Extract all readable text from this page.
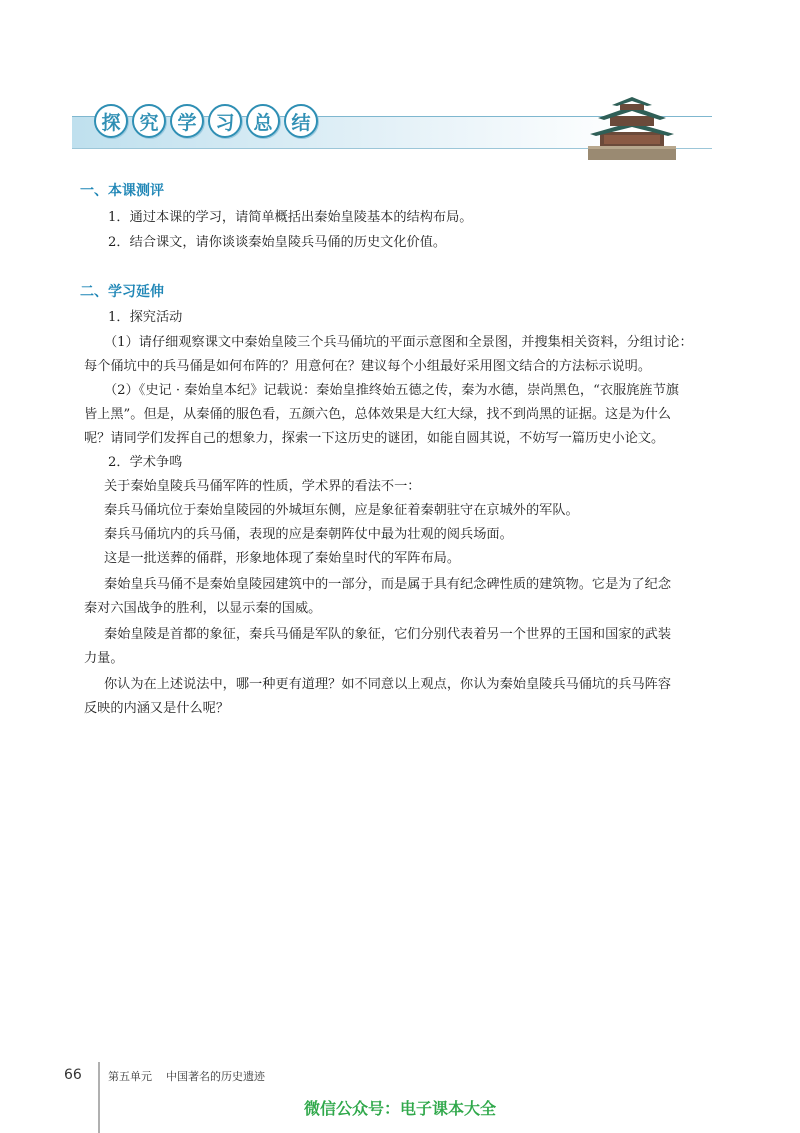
探 究 学 习 总 结
一、本课测评
1．通过本课的学习，请简单概括出秦始皇陵基本的结构布局。
2．结合课文，请你谈谈秦始皇陵兵马俑的历史文化价值。
二、学习延伸
1．探究活动
（1）请仔细观察课文中秦始皇陵三个兵马俑坑的平面示意图和全景图，并搜集相关资料，分组讨论：
每个俑坑中的兵马俑是如何布阵的？用意何在？建议每个小组最好采用图文结合的方法标示说明。
（2）《史记 · 秦始皇本纪》记载说：秦始皇推终始五德之传，秦为水德，崇尚黑色，“衣服旄旌节旗
皆上黑”。但是，从秦俑的服色看，五颜六色，总体效果是大红大绿，找不到尚黑的证据。这是为什么
呢？请同学们发挥自己的想象力，探索一下这历史的谜团，如能自圆其说，不妨写一篇历史小论文。
2．学术争鸣
关于秦始皇陵兵马俑军阵的性质，学术界的看法不一：
秦兵马俑坑位于秦始皇陵园的外城垣东侧，应是象征着秦朝驻守在京城外的军队。
秦兵马俑坑内的兵马俑，表现的应是秦朝阵仗中最为壮观的阅兵场面。
这是一批送葬的俑群，形象地体现了秦始皇时代的军阵布局。
秦始皇兵马俑不是秦始皇陵园建筑中的一部分，而是属于具有纪念碑性质的建筑物。它是为了纪念
秦对六国战争的胜利，以显示秦的国威。
秦始皇陵是首都的象征，秦兵马俑是军队的象征，它们分别代表着另一个世界的王国和国家的武装
力量。
你认为在上述说法中，哪一种更有道理？如不同意以上观点，你认为秦始皇陵兵马俑坑的兵马阵容
反映的内涵又是什么呢？
66 第五单元 中国著名的历史遗迹
微信公众号：电子课本大全
